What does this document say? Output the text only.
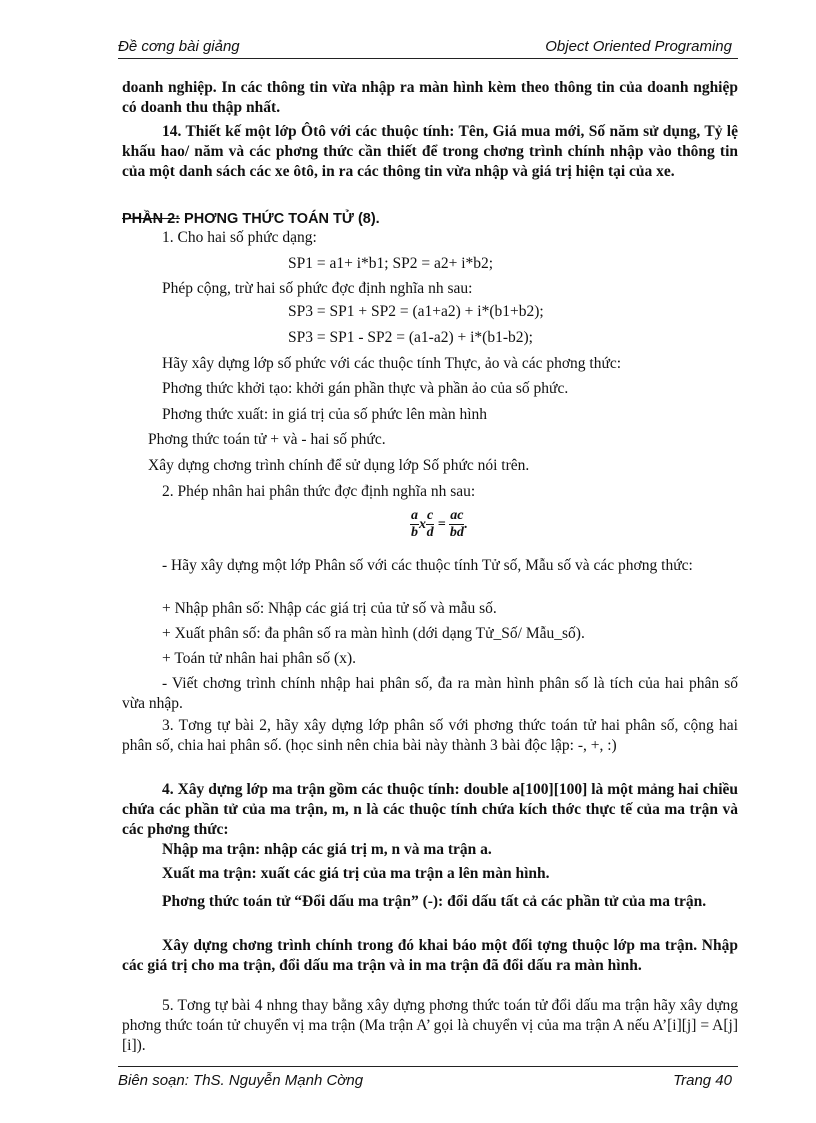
Đề cơng bài giảng	Object Oriented Programing

doanh nghiệp. In các thông tin vừa nhập ra màn hình kèm theo thông tin của doanh nghiệp có doanh thu thập nhất.

14. Thiết kế một lớp Ôtô với các thuộc tính: Tên, Giá mua mới, Số năm sử dụng, Tỷ lệ khấu hao/ năm và các phơng thức cần thiết để trong chơng trình chính nhập vào thông tin của một danh sách các xe ôtô, in ra các thông tin vừa nhập và giá trị hiện tại của xe.

PHẦN 2: PHƠNG THỨC TOÁN TỬ (8).

1. Cho hai số phức dạng:

SP1 = a1+ i*b1; SP2 = a2+ i*b2;

Phép cộng, trừ hai số phức đợc định nghĩa nh sau:

SP3 = SP1 + SP2 = (a1+a2) + i*(b1+b2);

SP3 = SP1 - SP2 = (a1-a2) + i*(b1-b2);

Hãy xây dựng lớp số phức với các thuộc tính Thực, ảo và các phơng thức:

Phơng thức khởi tạo: khởi gán phần thực và phần ảo của số phức.

Phơng thức xuất: in giá trị của số phức lên màn hình

Phơng thức toán tử + và - hai số phức.

Xây dựng chơng trình chính để sử dụng lớp Số phức nói trên.

2. Phép nhân hai phân thức đợc định nghĩa nh sau:

$\frac{a}{b}$ x $\frac{c}{d} = \frac{ac}{bd}$ .

- Hãy xây dựng một lớp Phân số với các thuộc tính Tử số, Mẫu số và các phơng thức:

+ Nhập phân số: Nhập các giá trị của tử số và mẫu số.

+ Xuất phân số: đa phân số ra màn hình (dới dạng Tử_Số/ Mẫu_số).

+ Toán tử nhân hai phân số (x).

- Viết chơng trình chính nhập hai phân số, đa ra màn hình phân số là tích của hai phân số vừa nhập.

3. Tơng tự bài 2, hãy xây dựng lớp phân số với phơng thức toán tử hai phân số, cộng hai phân số, chia hai phân số. (học sinh nên chia bài này thành 3 bài độc lập: -, +, :)

4. Xây dựng lớp ma trận gồm các thuộc tính: double a[100][100] là một mảng hai chiều chứa các phần tử của ma trận, m, n là các thuộc tính chứa kích thớc thực tế của ma trận và các phơng thức:

Nhập ma trận: nhập các giá trị m, n và ma trận a.

Xuất ma trận: xuất các giá trị của ma trận a lên màn hình.

Phơng thức toán tử “Đổi dấu ma trận” (-): đổi dấu tất cả các phần tử của ma trận.

Xây dựng chơng trình chính trong đó khai báo một đối tợng thuộc lớp ma trận. Nhập các giá trị cho ma trận, đổi dấu ma trận và in ma trận đã đổi dấu ra màn hình.

5. Tơng tự bài 4 nhng thay bằng xây dựng phơng thức toán tử đổi dấu ma trận hãy xây dựng phơng thức toán tử chuyển vị ma trận (Ma trận A’ gọi là chuyển vị của ma trận A nếu A’[i][j] = A[j][i]).

Biên soạn: ThS. Nguyễn Mạnh Cờng	Trang 40
